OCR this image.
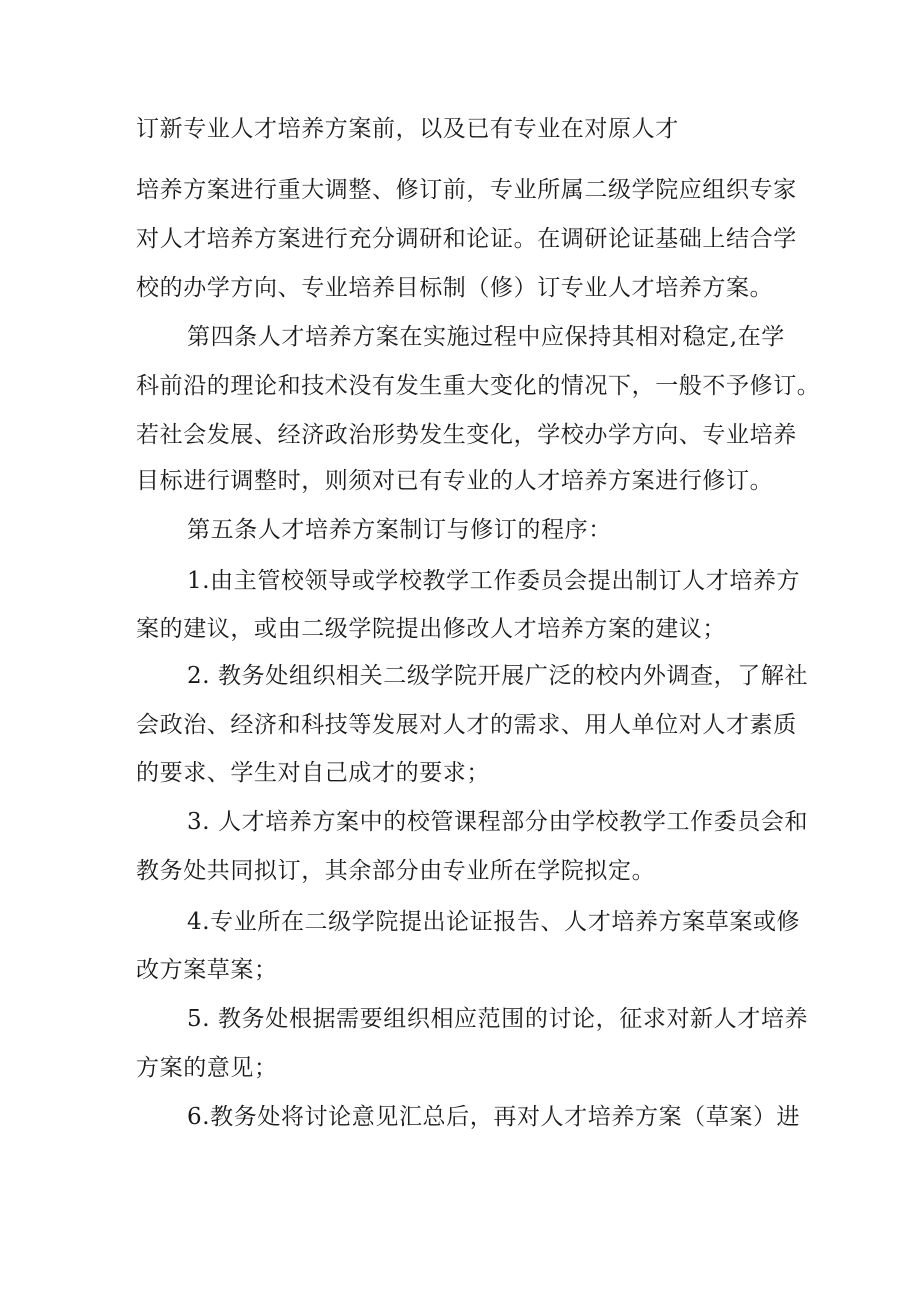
订新专业人才培养方案前，以及已有专业在对原人才
培养方案进行重大调整、修订前，专业所属二级学院应组织专家
对人才培养方案进行充分调研和论证。在调研论证基础上结合学
校的办学方向、专业培养目标制（修）订专业人才培养方案。
第四条人才培养方案在实施过程中应保持其相对稳定,在学
科前沿的理论和技术没有发生重大变化的情况下，一般不予修订。
若社会发展、经济政治形势发生变化，学校办学方向、专业培养
目标进行调整时，则须对已有专业的人才培养方案进行修订。
第五条人才培养方案制订与修订的程序：
1.由主管校领导或学校教学工作委员会提出制订人才培养方
案的建议，或由二级学院提出修改人才培养方案的建议；
2. 教务处组织相关二级学院开展广泛的校内外调查，了解社
会政治、经济和科技等发展对人才的需求、用人单位对人才素质
的要求、学生对自己成才的要求；
3. 人才培养方案中的校管课程部分由学校教学工作委员会和
教务处共同拟订，其余部分由专业所在学院拟定。
4.专业所在二级学院提出论证报告、人才培养方案草案或修
改方案草案；
5. 教务处根据需要组织相应范围的讨论，征求对新人才培养
方案的意见；
6.教务处将讨论意见汇总后，再对人才培养方案（草案）进
